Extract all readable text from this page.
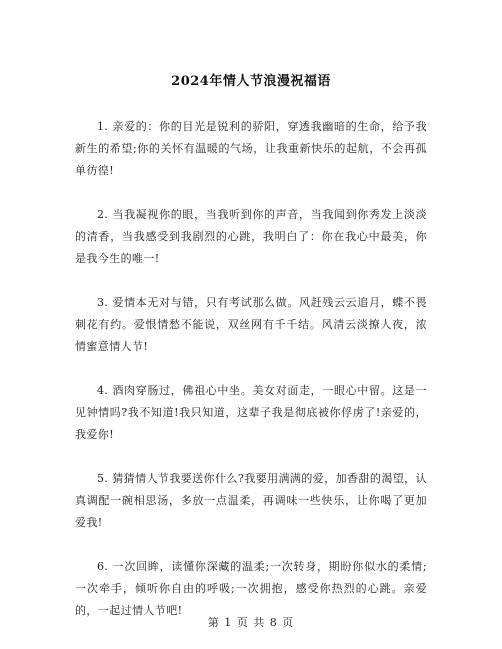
2024年情人节浪漫祝福语

1. 亲爱的：你的目光是锐利的骄阳，穿透我幽暗的生命，给予我新生的希望;你的关怀有温暖的气场，让我重新快乐的起航，不会再孤单彷徨!

2. 当我凝视你的眼，当我听到你的声音，当我闻到你秀发上淡淡的清香，当我感受到我剧烈的心跳，我明白了：你在我心中最美，你是我今生的唯一!

3. 爱情本无对与错，只有考试那么做。风赶残云云追月，蝶不畏刺花有约。爱恨情愁不能说，双丝网有千千结。风清云淡撩人夜，浓情蜜意情人节!

4. 酒肉穿肠过，佛祖心中坐。美女对面走，一眼心中留。这是一见钟情吗?我不知道!我只知道，这辈子我是彻底被你俘虏了!亲爱的，我爱你!

5. 猜猜情人节我要送你什么?我要用满满的爱，加香甜的渴望，认真调配一碗相思汤，多放一点温柔，再调味一些快乐，让你喝了更加爱我!

6. 一次回眸，读懂你深藏的温柔;一次转身，期盼你似水的柔情;一次牵手，倾听你自由的呼吸;一次拥抱，感受你热烈的心跳。亲爱的，一起过情人节吧!

第 1 页 共 8 页
